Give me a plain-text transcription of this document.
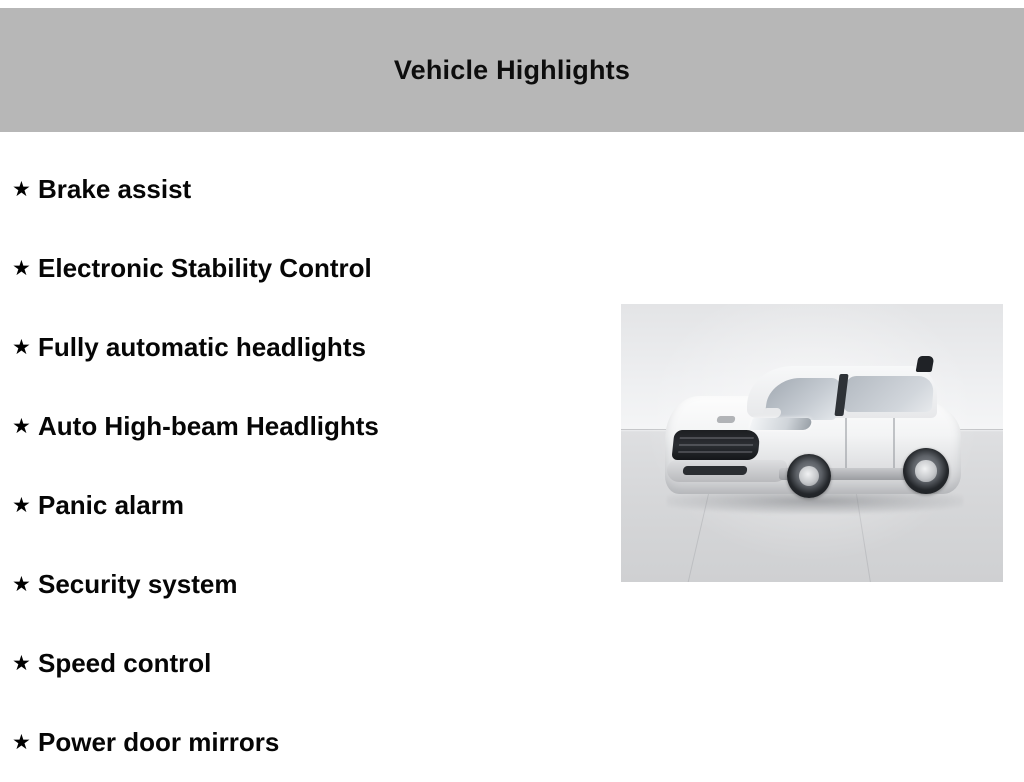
Vehicle Highlights
★ Brake assist
★ Electronic Stability Control
★ Fully automatic headlights
★ Auto High-beam Headlights
★ Panic alarm
★ Security system
★ Speed control
★ Power door mirrors
